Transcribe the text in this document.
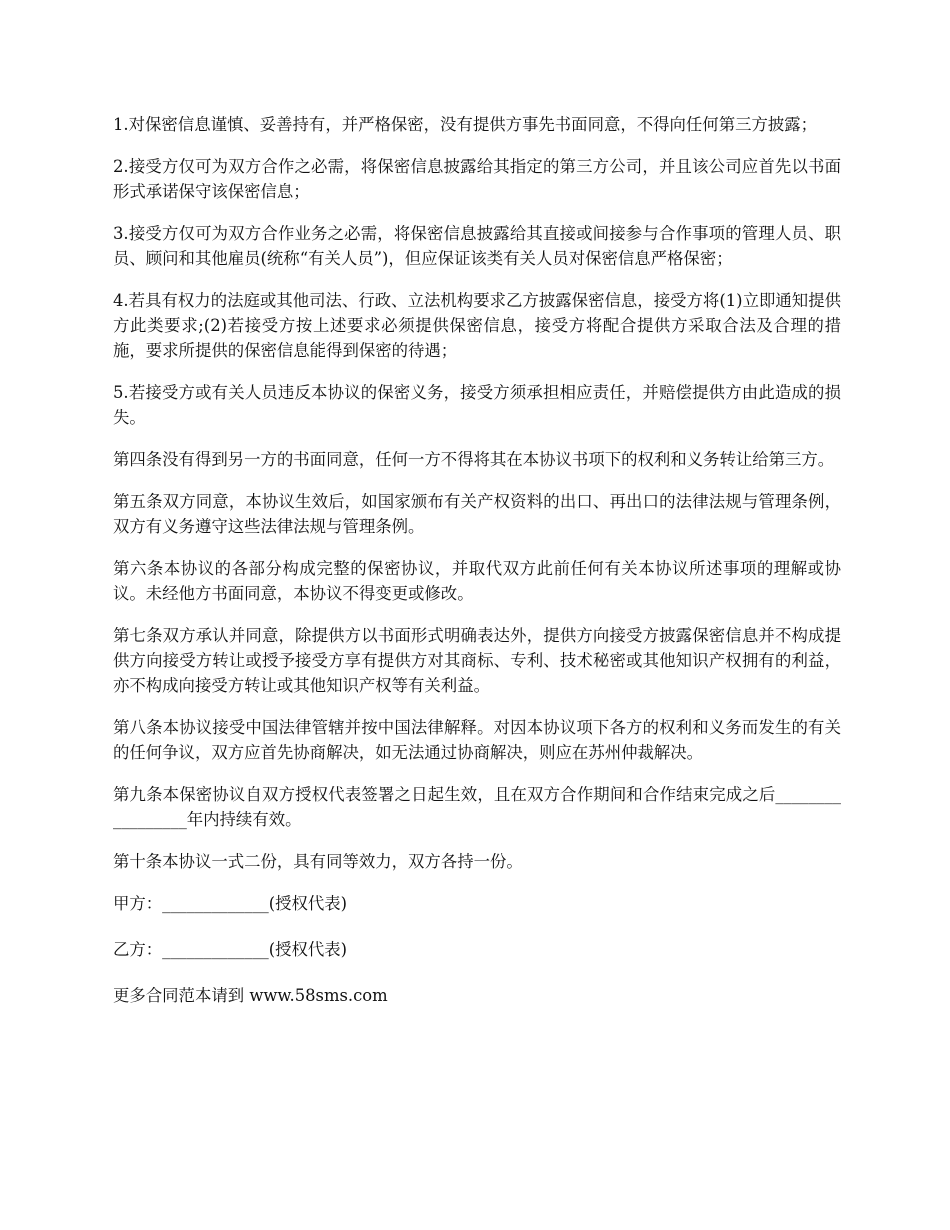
1.对保密信息谨慎、妥善持有，并严格保密，没有提供方事先书面同意，不得向任何第三方披露；

2.接受方仅可为双方合作之必需，将保密信息披露给其指定的第三方公司，并且该公司应首先以书面形式承诺保守该保密信息；

3.接受方仅可为双方合作业务之必需，将保密信息披露给其直接或间接参与合作事项的管理人员、职员、顾问和其他雇员(统称“有关人员”)，但应保证该类有关人员对保密信息严格保密；

4.若具有权力的法庭或其他司法、行政、立法机构要求乙方披露保密信息，接受方将(1)立即通知提供方此类要求;(2)若接受方按上述要求必须提供保密信息，接受方将配合提供方采取合法及合理的措施，要求所提供的保密信息能得到保密的待遇；

5.若接受方或有关人员违反本协议的保密义务，接受方须承担相应责任，并赔偿提供方由此造成的损失。

第四条没有得到另一方的书面同意，任何一方不得将其在本协议书项下的权利和义务转让给第三方。

第五条双方同意，本协议生效后，如国家颁布有关产权资料的出口、再出口的法律法规与管理条例，双方有义务遵守这些法律法规与管理条例。

第六条本协议的各部分构成完整的保密协议，并取代双方此前任何有关本协议所述事项的理解或协议。未经他方书面同意，本协议不得变更或修改。

第七条双方承认并同意，除提供方以书面形式明确表达外，提供方向接受方披露保密信息并不构成提供方向接受方转让或授予接受方享有提供方对其商标、专利、技术秘密或其他知识产权拥有的利益，亦不构成向接受方转让或其他知识产权等有关利益。

第八条本协议接受中国法律管辖并按中国法律解释。对因本协议项下各方的权利和义务而发生的有关的任何争议，双方应首先协商解决，如无法通过协商解决，则应在苏州仲裁解决。

第九条本保密协议自双方授权代表签署之日起生效，且在双方合作期间和合作结束完成之后_________________年内持续有效。

第十条本协议一式二份，具有同等效力，双方各持一份。

甲方：_____________(授权代表)

乙方：_____________(授权代表)

更多合同范本请到 www.58sms.com
